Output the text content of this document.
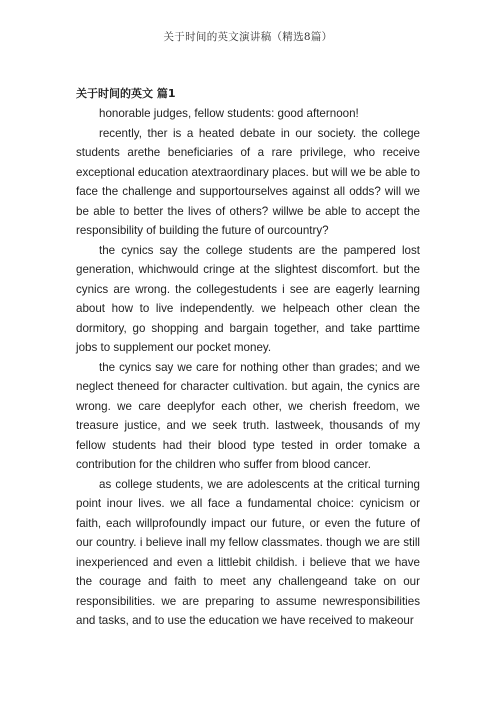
关于时间的英文演讲稿（精选8篇）
关于时间的英文 篇1

honorable judges, fellow students: good afternoon!

recently, ther is a heated debate in our society. the college students arethe beneficiaries of a rare privilege, who receive exceptional education atextraordinary places. but will we be able to face the challenge and supportourselves against all odds? will we be able to better the lives of others? willwe be able to accept the responsibility of building the future of ourcountry?

the cynics say the college students are the pampered lost generation, whichwould cringe at the slightest discomfort. but the cynics are wrong. the collegestudents i see are eagerly learning about how to live independently. we helpeach other clean the dormitory, go shopping and bargain together, and take parttime jobs to supplement our pocket money.

the cynics say we care for nothing other than grades; and we neglect theneed for character cultivation. but again, the cynics are wrong. we care deeplyfor each other, we cherish freedom, we treasure justice, and we seek truth. lastweek, thousands of my fellow students had their blood type tested in order tomake a contribution for the children who suffer from blood cancer.

as college students, we are adolescents at the critical turning point inour lives. we all face a fundamental choice: cynicism or faith, each willprofoundly impact our future, or even the future of our country. i believe inall my fellow classmates. though we are still inexperienced and even a littlebit childish. i believe that we have the courage and faith to meet any challengeand take on our responsibilities. we are preparing to assume newresponsibilities and tasks, and to use the education we have received to makeour
